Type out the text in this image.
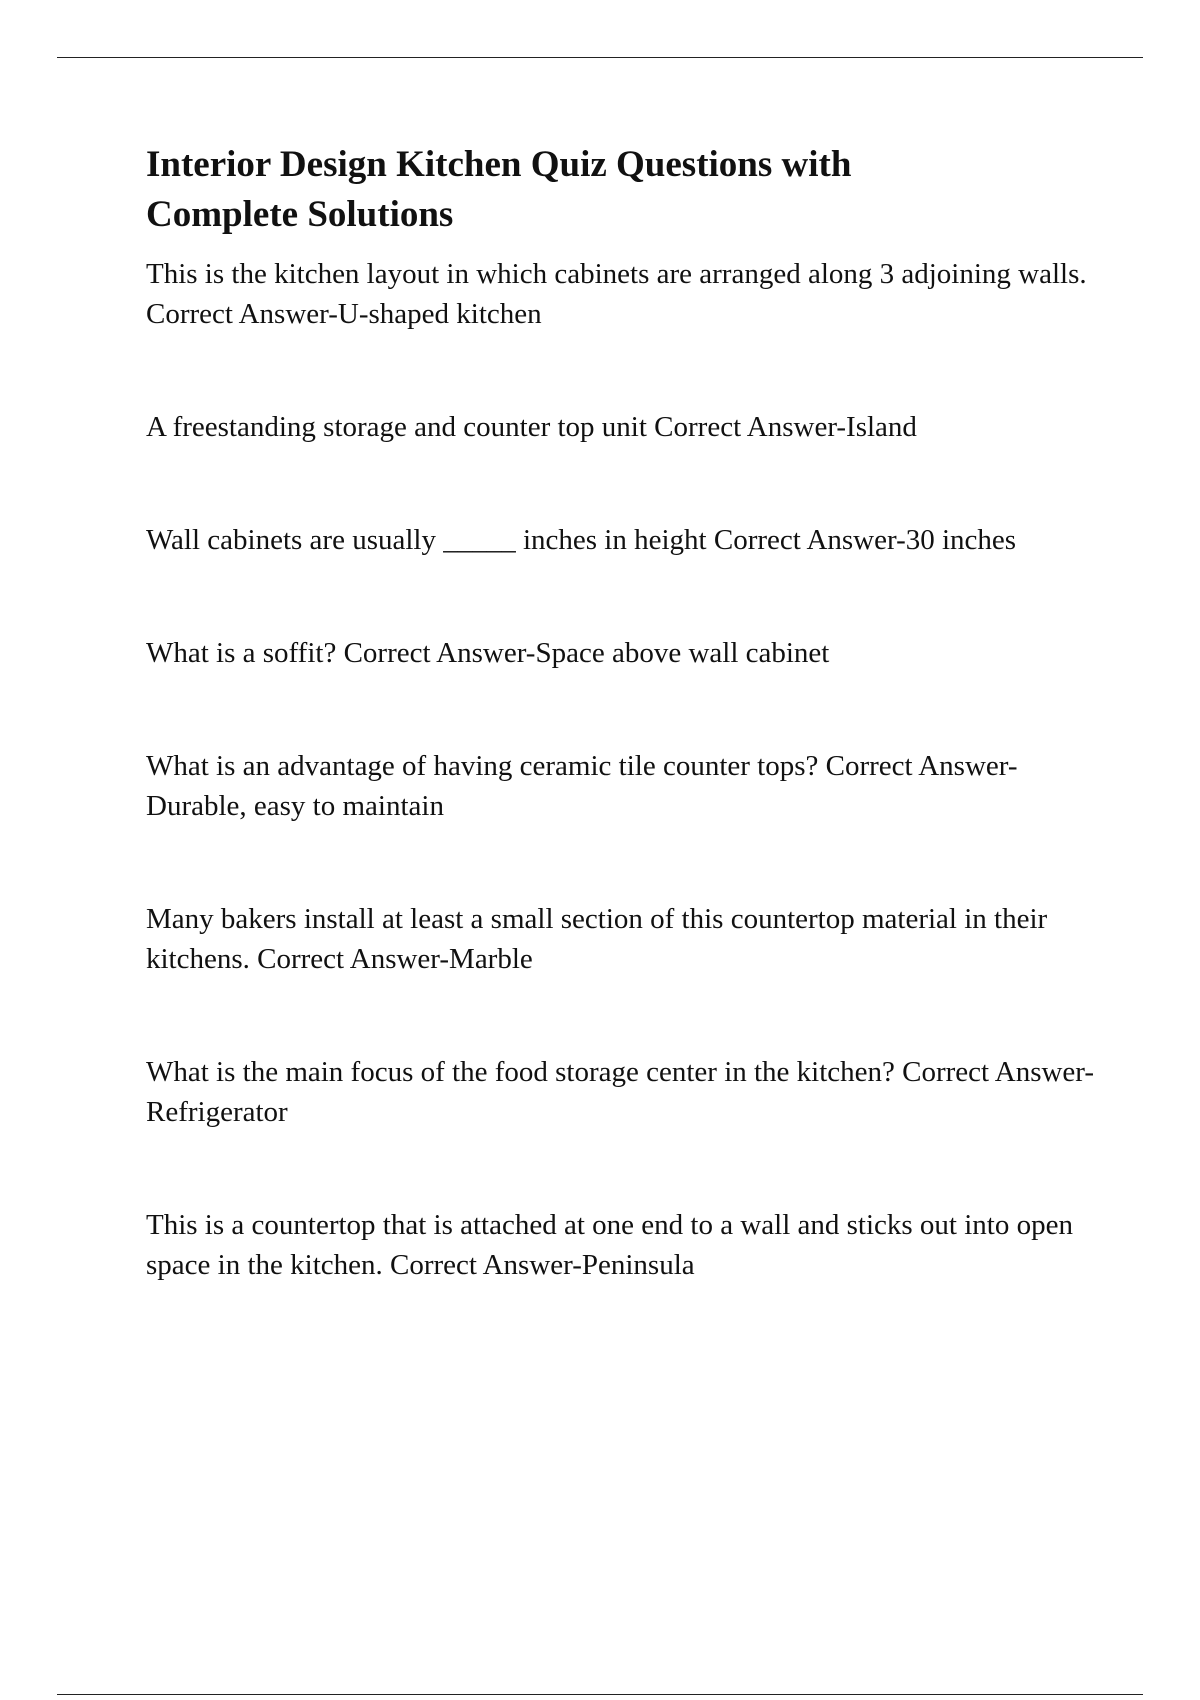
Interior Design Kitchen Quiz Questions with Complete Solutions

This is the kitchen layout in which cabinets are arranged along 3 adjoining walls. Correct Answer-U-shaped kitchen

A freestanding storage and counter top unit Correct Answer-Island

Wall cabinets are usually _____ inches in height Correct Answer-30 inches

What is a soffit? Correct Answer-Space above wall cabinet

What is an advantage of having ceramic tile counter tops? Correct Answer-Durable, easy to maintain

Many bakers install at least a small section of this countertop material in their kitchens. Correct Answer-Marble

What is the main focus of the food storage center in the kitchen? Correct Answer-Refrigerator

This is a countertop that is attached at one end to a wall and sticks out into open space in the kitchen. Correct Answer-Peninsula
